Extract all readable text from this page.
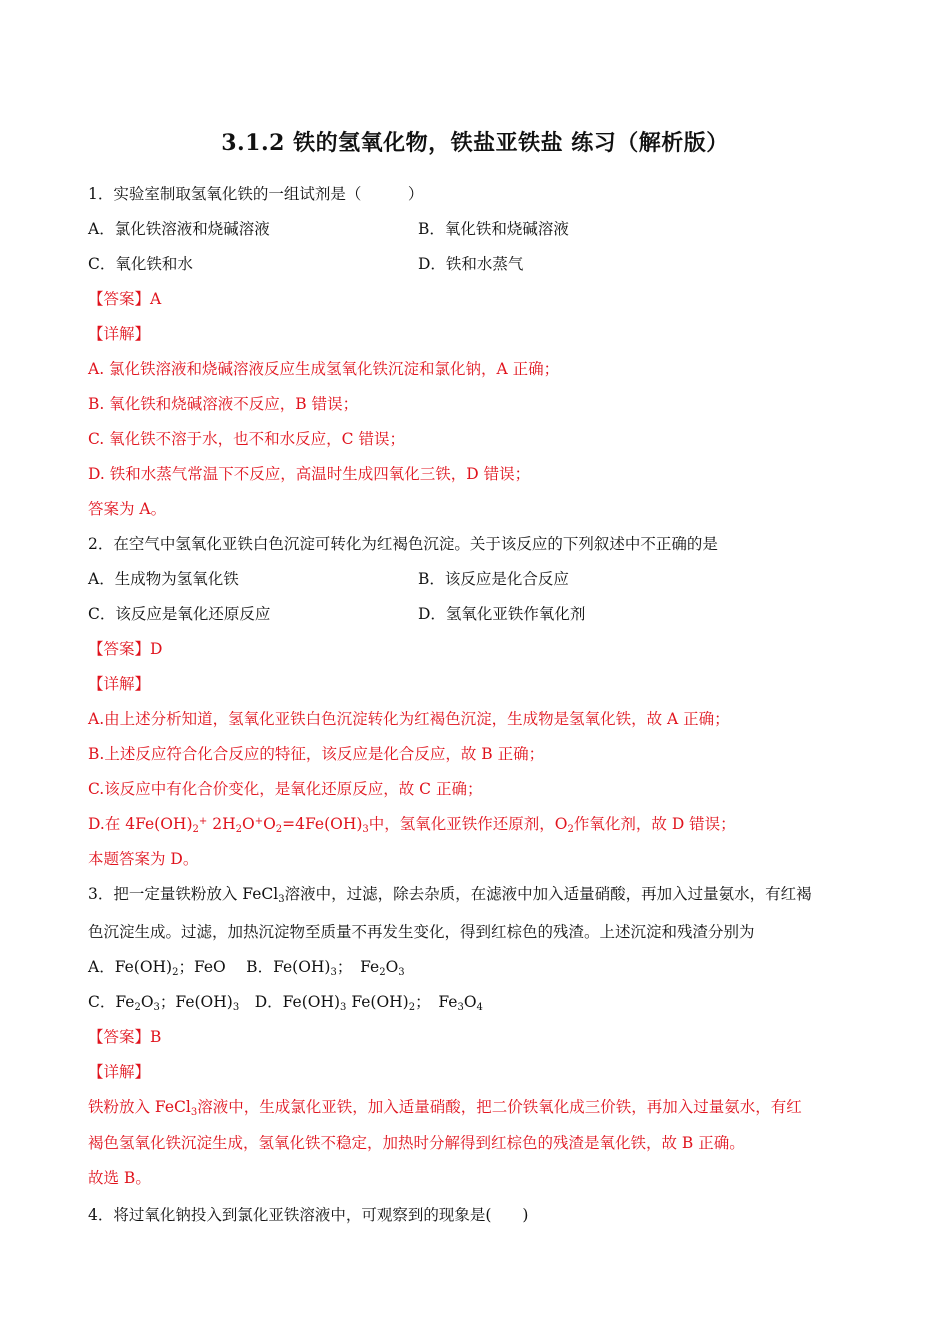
3.1.2 铁的氢氧化物，铁盐亚铁盐 练习（解析版）
1．实验室制取氢氧化铁的一组试剂是（　　　）
A．氯化铁溶液和烧碱溶液	B．氧化铁和烧碱溶液
C．氧化铁和水	D．铁和水蒸气
【答案】A
【详解】
A. 氯化铁溶液和烧碱溶液反应生成氢氧化铁沉淀和氯化钠，A 正确；
B. 氧化铁和烧碱溶液不反应，B 错误；
C. 氧化铁不溶于水，也不和水反应，C 错误；
D. 铁和水蒸气常温下不反应，高温时生成四氧化三铁，D 错误；
答案为 A。
2．在空气中氢氧化亚铁白色沉淀可转化为红褐色沉淀。关于该反应的下列叙述中不正确的是
A．生成物为氢氧化铁	B．该反应是化合反应
C．该反应是氧化还原反应	D．氢氧化亚铁作氧化剂
【答案】D
【详解】
A.由上述分析知道，氢氧化亚铁白色沉淀转化为红褐色沉淀，生成物是氢氧化铁，故 A 正确；
B.上述反应符合化合反应的特征，该反应是化合反应，故 B 正确；
C.该反应中有化合价变化，是氧化还原反应，故 C 正确；
D.在 $4Fe(OH)_2^+$ $2H_2O^+O_2=4Fe(OH)_3$中，氢氧化亚铁作还原剂，$O_2$作氧化剂，故 D 错误；
本题答案为 D。
3．把一定量铁粉放入 FeCl$_3$溶液中，过滤，除去杂质，在滤液中加入适量硝酸，再加入过量氨水，有红褐
色沉淀生成。过滤，加热沉淀物至质量不再发生变化，得到红棕色的残渣。上述沉淀和残渣分别为
A．$Fe(OH)_2$；FeO　 B．$Fe(OH)_3$；　$Fe_2O_3$
C．$Fe_2O_3$；$Fe(OH)_3$　D．$Fe(OH)_3$ $Fe(OH)_2$；　$Fe_3O_4$
【答案】B
【详解】
铁粉放入 FeCl$_3$溶液中，生成氯化亚铁，加入适量硝酸，把二价铁氧化成三价铁，再加入过量氨水，有红
褐色氢氧化铁沉淀生成，氢氧化铁不稳定，加热时分解得到红棕色的残渣是氧化铁，故 B 正确。
故选 B。
4．将过氧化钠投入到氯化亚铁溶液中，可观察到的现象是(　　)
